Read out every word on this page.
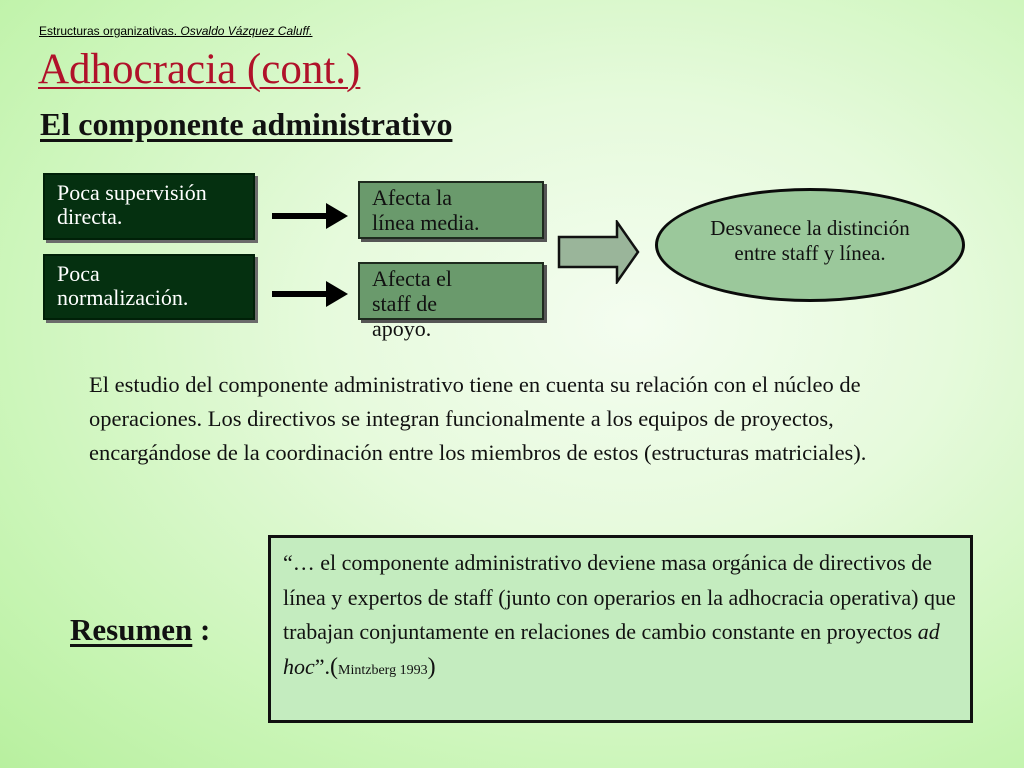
Estructuras organizativas. Osvaldo Vázquez Caluff.
Adhocracia (cont.)
El componente administrativo
Poca supervisión
directa.
Poca
normalización.
Afecta la
línea media.
Afecta el
staff de
apoyo.
Desvanece la distinción
entre staff y línea.

El estudio del componente administrativo tiene en cuenta su relación con el núcleo de operaciones. Los directivos se integran funcionalmente a los equipos de proyectos, encargándose de la coordinación entre los miembros de estos (estructuras matriciales).

Resumen :

“… el componente administrativo deviene masa orgánica de directivos de línea y expertos de staff (junto con operarios en la adhocracia operativa) que trabajan conjuntamente en relaciones de cambio constante en proyectos ad hoc”.(Mintzberg 1993)
